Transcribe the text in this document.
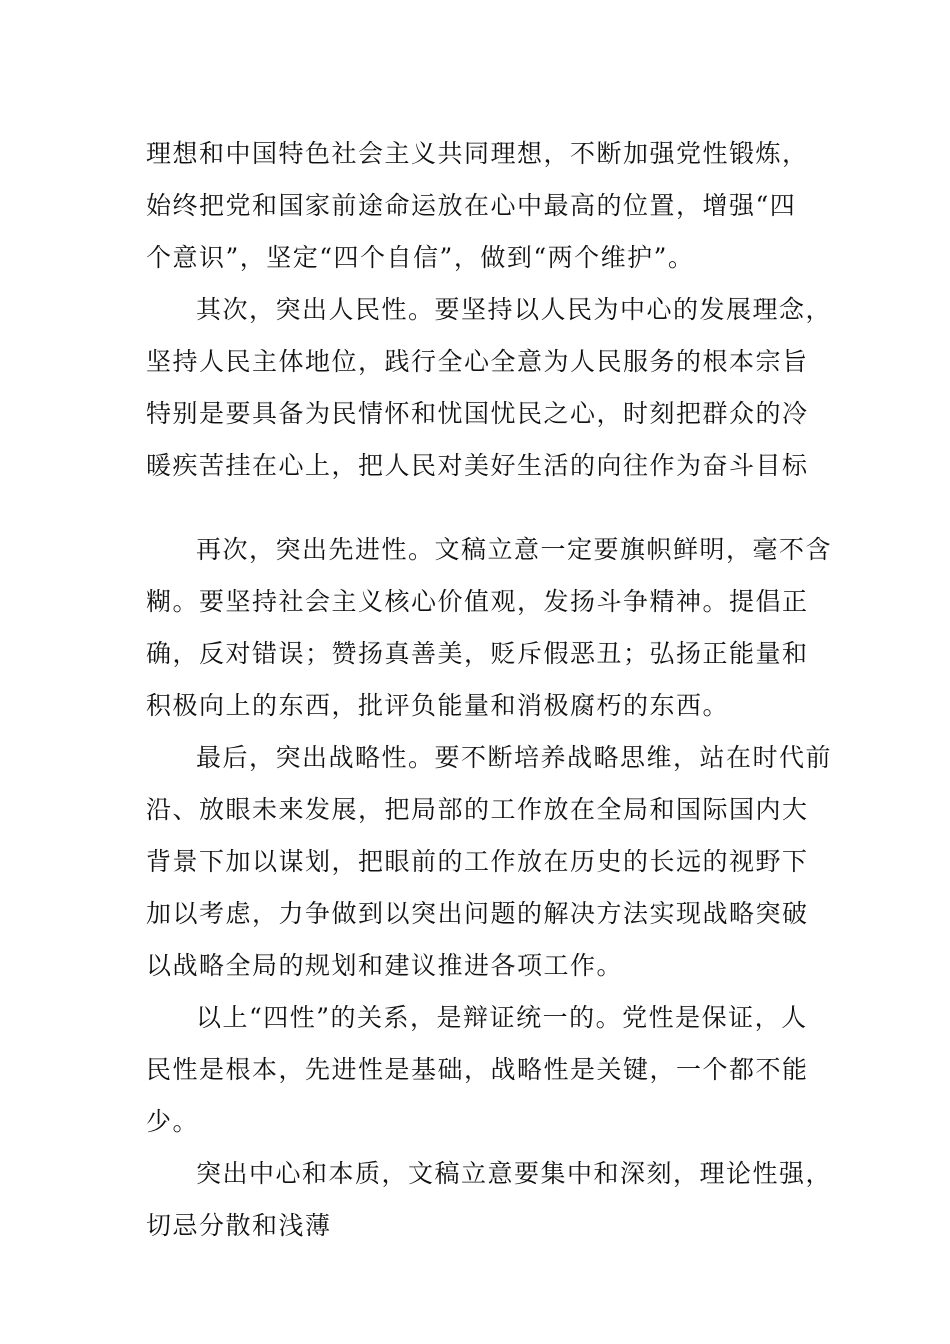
理想和中国特色社会主义共同理想，不断加强党性锻炼，
始终把党和国家前途命运放在心中最高的位置，增强“四
个意识”，坚定“四个自信”，做到“两个维护”。
其次，突出人民性。要坚持以人民为中心的发展理念，
坚持人民主体地位，践行全心全意为人民服务的根本宗旨
特别是要具备为民情怀和忧国忧民之心，时刻把群众的冷
暖疾苦挂在心上，把人民对美好生活的向往作为奋斗目标
再次，突出先进性。文稿立意一定要旗帜鲜明，毫不含
糊。要坚持社会主义核心价值观，发扬斗争精神。提倡正
确，反对错误；赞扬真善美，贬斥假恶丑；弘扬正能量和
积极向上的东西，批评负能量和消极腐朽的东西。
最后，突出战略性。要不断培养战略思维，站在时代前
沿、放眼未来发展，把局部的工作放在全局和国际国内大
背景下加以谋划，把眼前的工作放在历史的长远的视野下
加以考虑，力争做到以突出问题的解决方法实现战略突破
以战略全局的规划和建议推进各项工作。
以上“四性”的关系，是辩证统一的。党性是保证，人
民性是根本，先进性是基础，战略性是关键，一个都不能
少。
突出中心和本质，文稿立意要集中和深刻，理论性强，
切忌分散和浅薄
